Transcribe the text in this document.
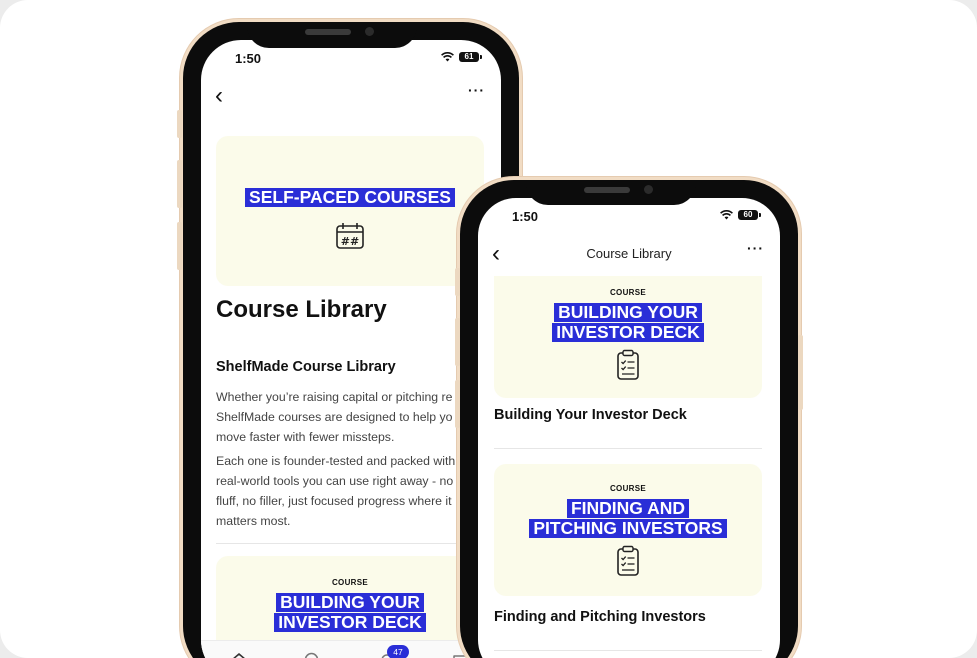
1:50	61
‹	···
SELF-PACED COURSES
##
Course Library
ShelfMade Course Library
Whether you’re raising capital or pitching re
ShelfMade courses are designed to help yo
move faster with fewer missteps.
Each one is founder-tested and packed with
real-world tools you can use right away - no
fluff, no filler, just focused progress where it
matters most.
COURSE
BUILDING YOUR
INVESTOR DECK
47
1:50	60
‹	Course Library	···
COURSE
BUILDING YOUR
INVESTOR DECK
Building Your Investor Deck
COURSE
FINDING AND
PITCHING INVESTORS
Finding and Pitching Investors
